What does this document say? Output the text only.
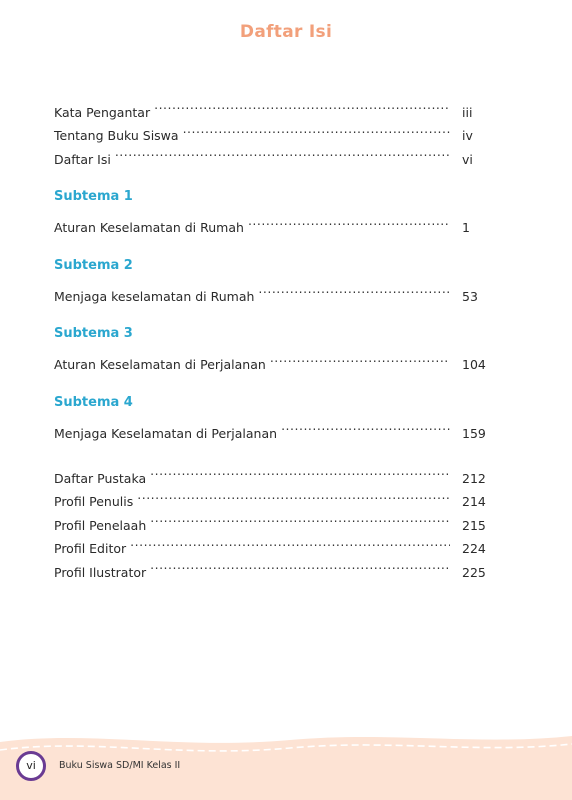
Daftar Isi
Kata Pengantar .....	iii
Tentang Buku Siswa .....	iv
Daftar Isi .....	vi
Subtema 1
Aturan Keselamatan di Rumah .....	1
Subtema 2
Menjaga keselamatan di Rumah .....	53
Subtema 3
Aturan Keselamatan di Perjalanan .....	104
Subtema 4
Menjaga Keselamatan di Perjalanan .....	159
Daftar Pustaka .....	212
Profil Penulis .....	214
Profil Penelaah .....	215
Profil Editor .....	224
Profil Ilustrator .....	225
vi	Buku Siswa SD/MI Kelas II
